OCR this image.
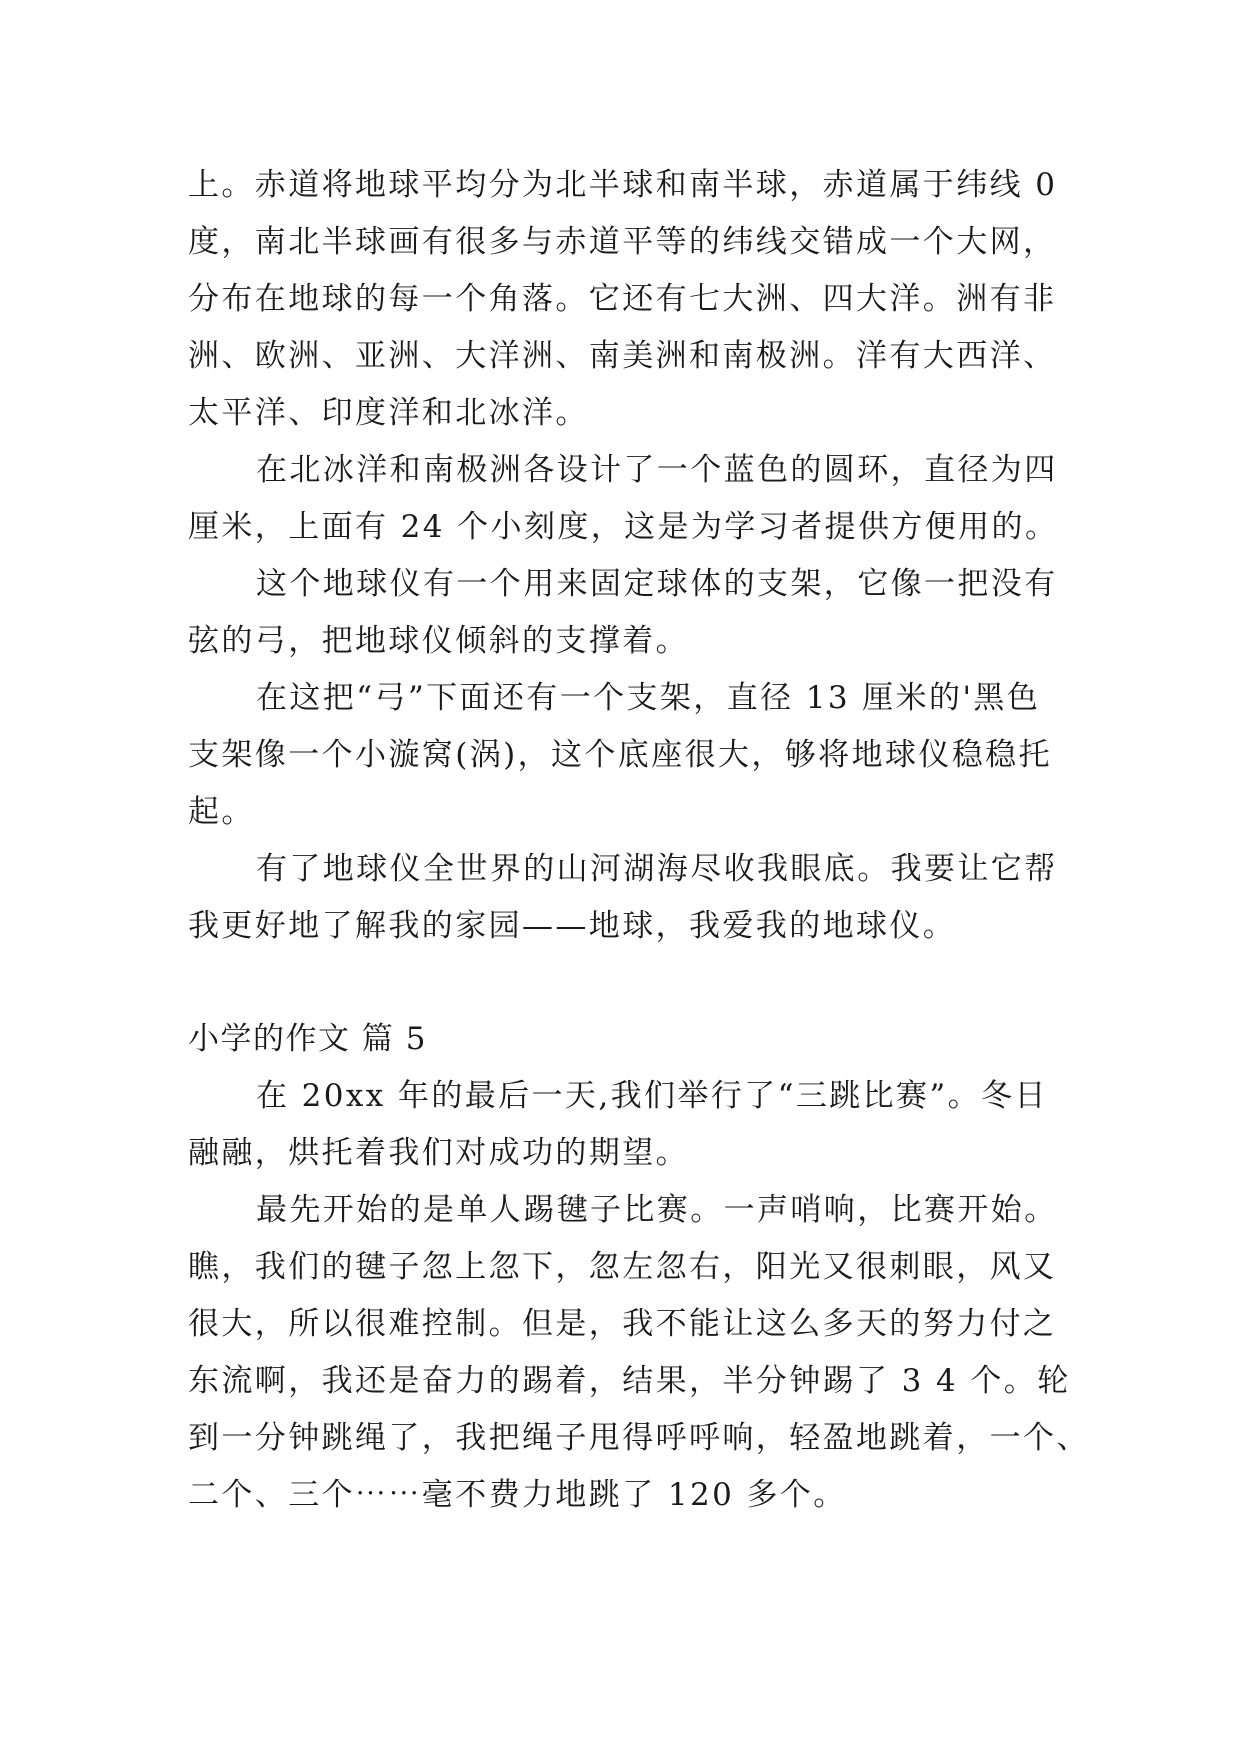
上。赤道将地球平均分为北半球和南半球，赤道属于纬线 0
度，南北半球画有很多与赤道平等的纬线交错成一个大网，
分布在地球的每一个角落。它还有七大洲、四大洋。洲有非
洲、欧洲、亚洲、大洋洲、南美洲和南极洲。洋有大西洋、
太平洋、印度洋和北冰洋。
在北冰洋和南极洲各设计了一个蓝色的圆环，直径为四
厘米，上面有 24 个小刻度，这是为学习者提供方便用的。
这个地球仪有一个用来固定球体的支架，它像一把没有
弦的弓，把地球仪倾斜的支撑着。
在这把“弓”下面还有一个支架，直径 13 厘米的'黑色
支架像一个小漩窝(涡)，这个底座很大，够将地球仪稳稳托
起。
有了地球仪全世界的山河湖海尽收我眼底。我要让它帮
我更好地了解我的家园——地球，我爱我的地球仪。
小学的作文 篇 5
在 20xx 年的最后一天,我们举行了“三跳比赛”。冬日
融融，烘托着我们对成功的期望。
最先开始的是单人踢毽子比赛。一声哨响，比赛开始。
瞧，我们的毽子忽上忽下，忽左忽右，阳光又很刺眼，风又
很大，所以很难控制。但是，我不能让这么多天的努力付之
东流啊，我还是奋力的踢着，结果，半分钟踢了 3 4 个。轮
到一分钟跳绳了，我把绳子甩得呼呼响，轻盈地跳着，一个、
二个、三个⋯⋯毫不费力地跳了 120 多个。
